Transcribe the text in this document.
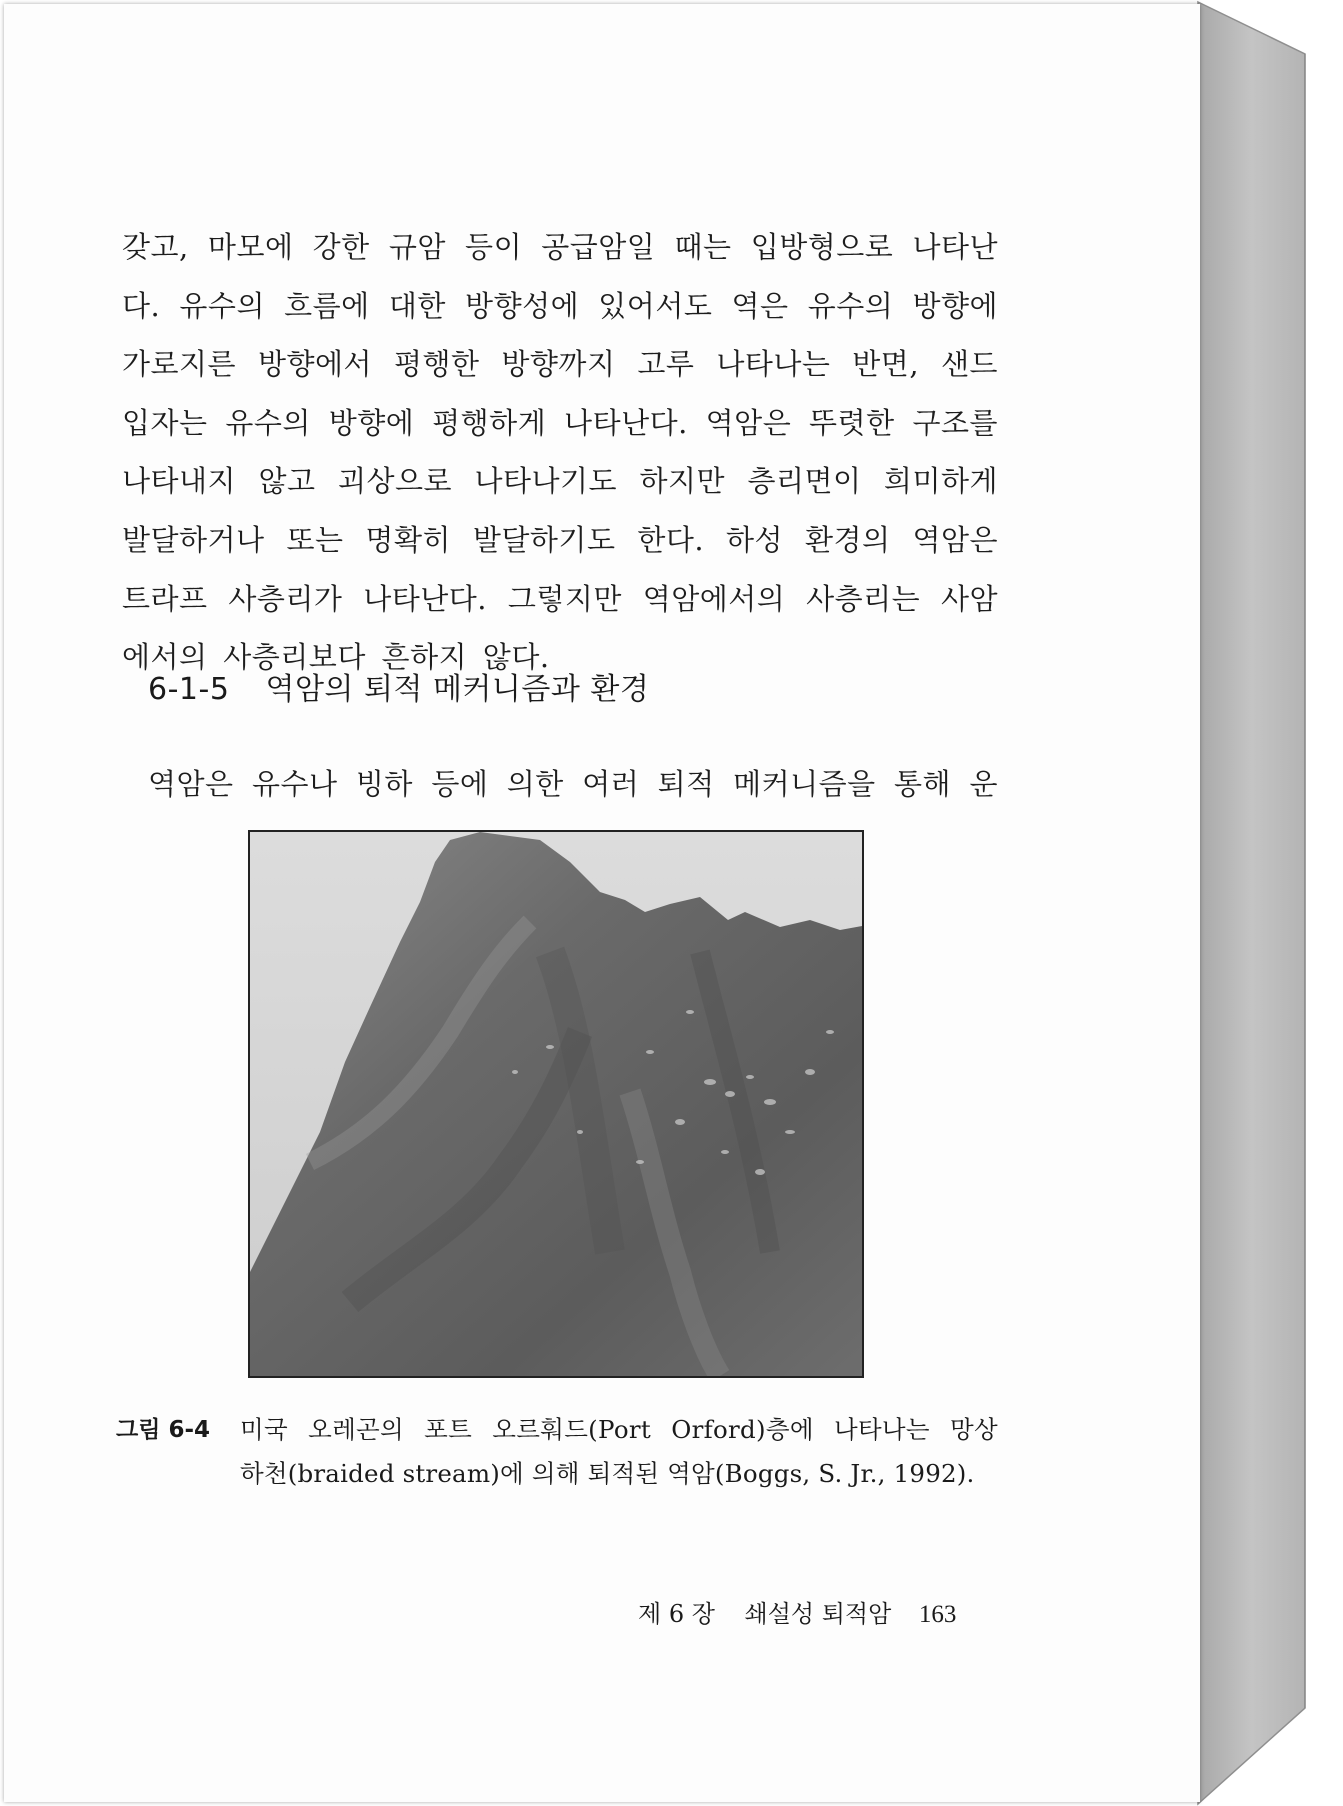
갖고, 마모에 강한 규암 등이 공급암일 때는 입방형으로 나타난
다. 유수의 흐름에 대한 방향성에 있어서도 역은 유수의 방향에
가로지른 방향에서 평행한 방향까지 고루 나타나는 반면, 샌드
입자는 유수의 방향에 평행하게 나타난다. 역암은 뚜렷한 구조를
나타내지 않고 괴상으로 나타나기도 하지만 층리면이 희미하게
발달하거나 또는 명확히 발달하기도 한다. 하성 환경의 역암은
트라프 사층리가 나타난다. 그렇지만 역암에서의 사층리는 사암
에서의 사층리보다 흔하지 않다.
6-1-5 역암의 퇴적 메커니즘과 환경
역암은 유수나 빙하 등에 의한 여러 퇴적 메커니즘을 통해 운
그림 6-4	미국 오레곤의 포트 오르훠드(Port Orford)층에 나타나는 망상
하천(braided stream)에 의해 퇴적된 역암(Boggs, S. Jr., 1992).
제 6 장 쇄설성 퇴적암 163
